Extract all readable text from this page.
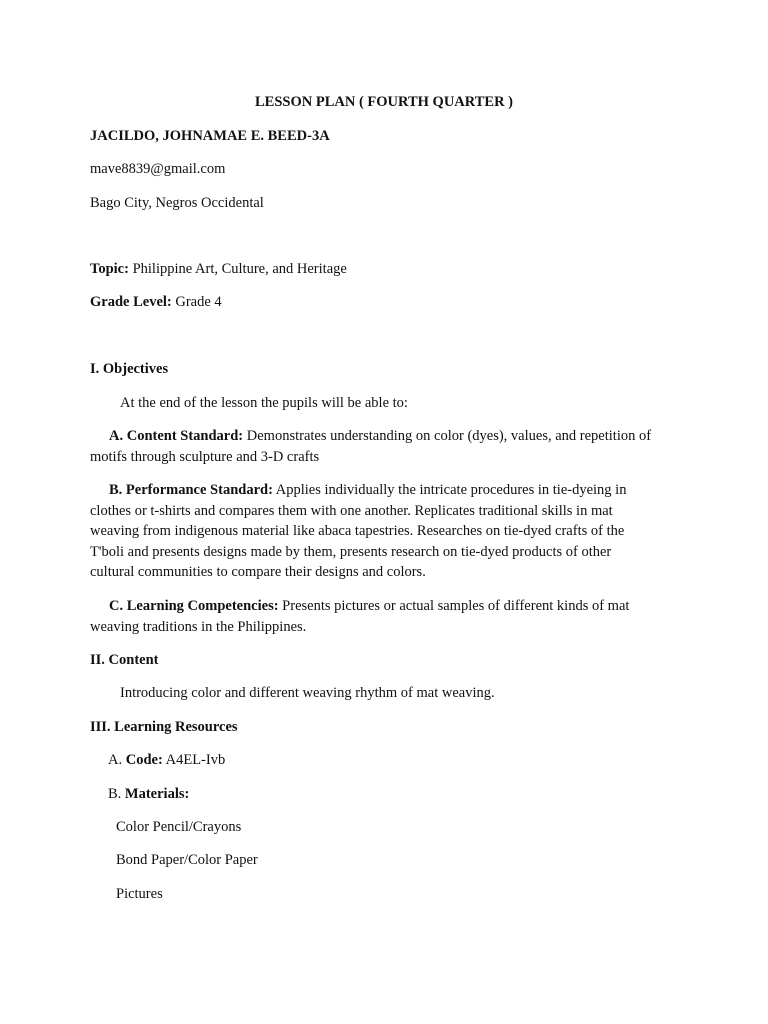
LESSON PLAN ( FOURTH QUARTER )
JACILDO, JOHNAMAE E. BEED-3A
mave8839@gmail.com
Bago City, Negros Occidental
Topic: Philippine Art, Culture, and Heritage
Grade Level: Grade 4
I. Objectives
At the end of the lesson the pupils will be able to:
A. Content Standard: Demonstrates understanding on color (dyes), values, and repetition of
motifs through sculpture and 3-D crafts
B. Performance Standard: Applies individually the intricate procedures in tie-dyeing in
clothes or t-shirts and compares them with one another. Replicates traditional skills in mat
weaving from indigenous material like abaca tapestries. Researches on tie-dyed crafts of the
T'boli and presents designs made by them, presents research on tie-dyed products of other
cultural communities to compare their designs and colors.
C. Learning Competencies: Presents pictures or actual samples of different kinds of mat
weaving traditions in the Philippines.
II. Content
Introducing color and different weaving rhythm of mat weaving.
III. Learning Resources
A. Code: A4EL-Ivb
B. Materials:
Color Pencil/Crayons
Bond Paper/Color Paper
Pictures
